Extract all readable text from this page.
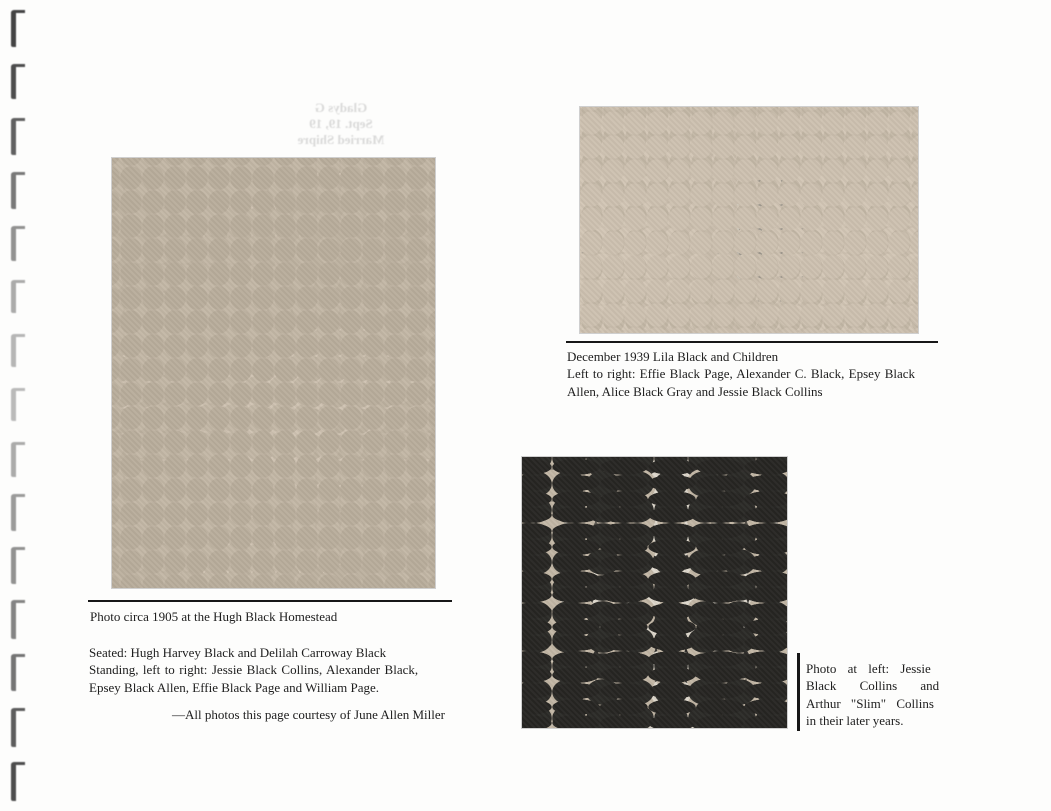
Gladys G
Sept. 19, 19
Married Shipre
Photo circa 1905 at the Hugh Black Homestead
Seated: Hugh Harvey Black and Delilah Carroway Black
Standing, left to right: Jessie Black Collins, Alexander Black,
Epsey Black Allen, Effie Black Page and William Page.
—All photos this page courtesy of June Allen Miller
December 1939 Lila Black and Children
Left to right: Effie Black Page, Alexander C. Black, Epsey Black
Allen, Alice Black Gray and Jessie Black Collins
Photo at left: Jessie
Black Collins and
Arthur "Slim" Collins
in their later years.
